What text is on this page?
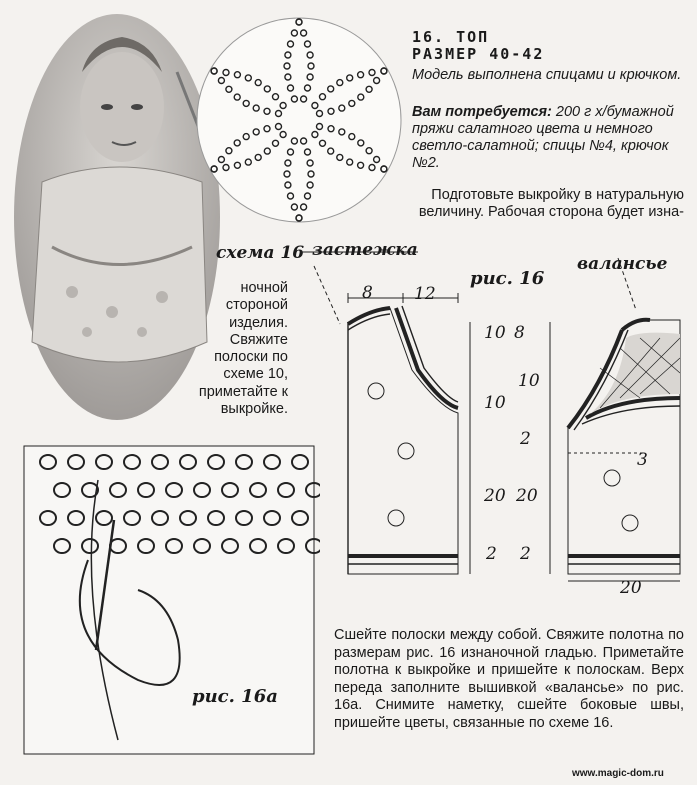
16. ТОП
РАЗМЕР 40-42
Модель выполнена спицами и крючком.
Вам потребуется: 200 г х/бумажной пряжи салатного цвета и немного светло-салатной; спицы №4, крючок №2.
Подготовьте выкройку в натуральную величину. Рабочая сторона будет изна-
схема 16
ночной
стороной
изделия.
Свяжите
полоски по
схеме 10,
приметайте к
выкройке.
застежка
рис. 16
валансье
8 12
10 8
10
10
2
20 20
2 2
3
20
рис. 16а
Сшейте полоски между собой. Свяжите полотна по размерам рис. 16 изнаночной гладью. Приметайте полотна к выкройке и пришейте к полоскам. Верх переда заполните вышивкой «валансье» по рис. 16а. Снимите наметку, сшейте боковые швы, пришейте цветы, связанные по схеме 16.
www.magic-dom.ru
